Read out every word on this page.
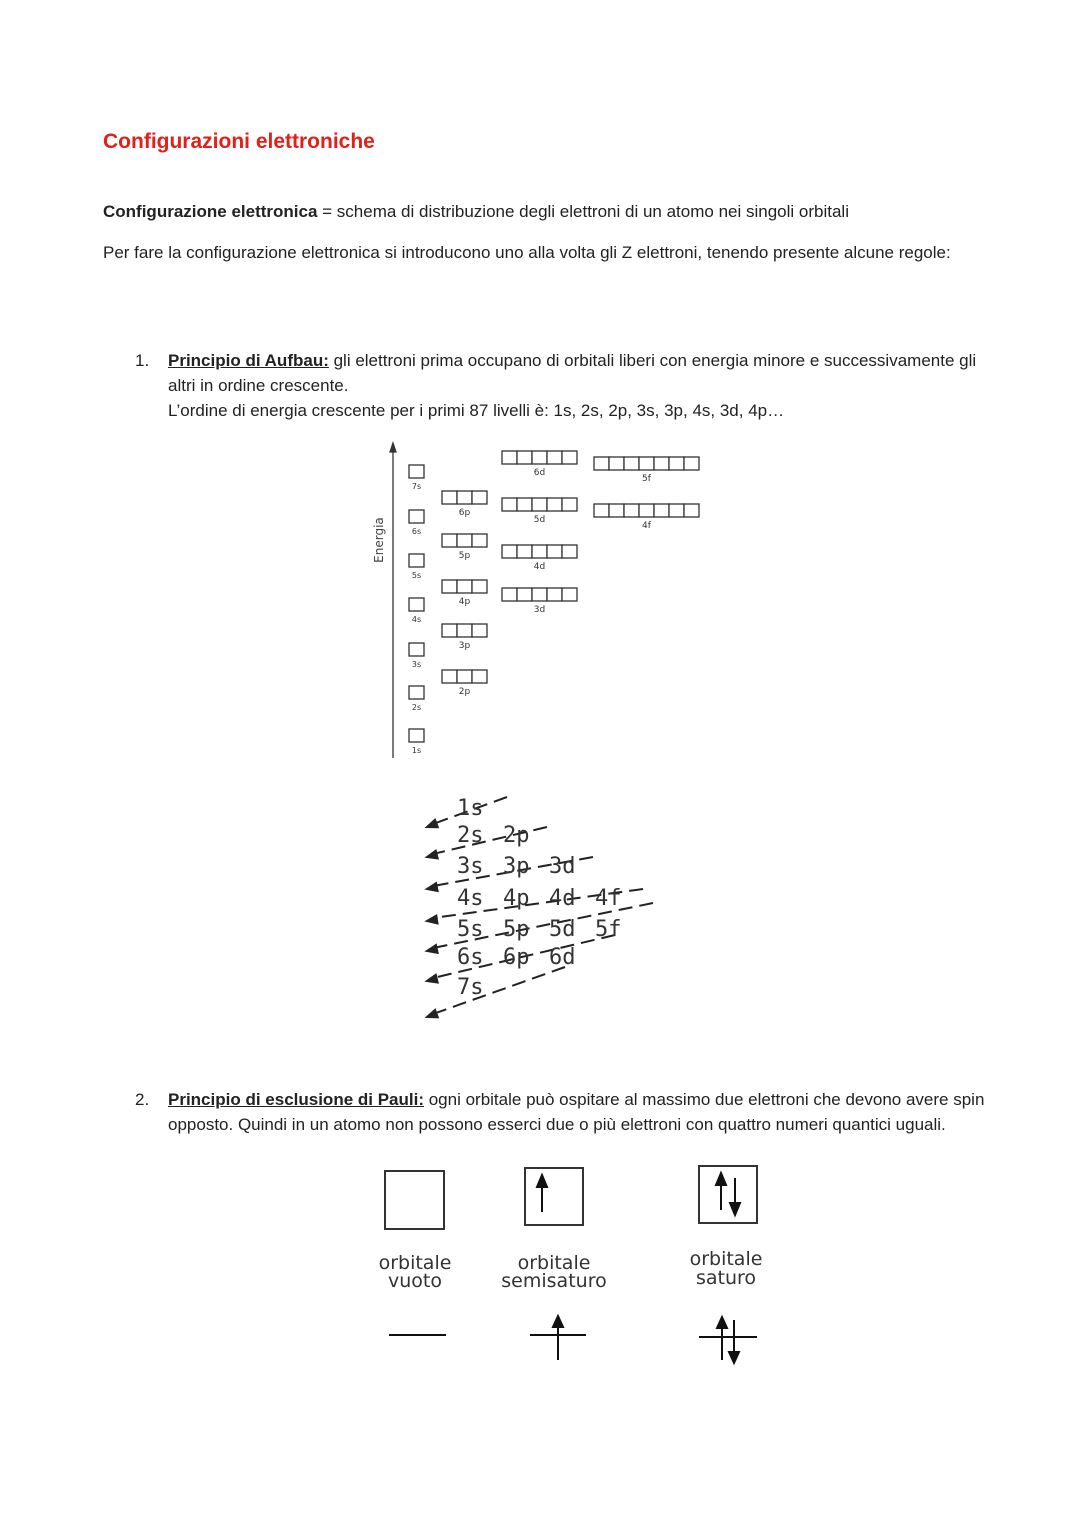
Configurazioni elettroniche
Configurazione elettronica = schema di distribuzione degli elettroni di un atomo nei singoli orbitali
Per fare la configurazione elettronica si introducono uno alla volta gli Z elettroni, tenendo presente alcune regole:
1. Principio di Aufbau: gli elettroni prima occupano di orbitali liberi con energia minore e successivamente gli altri in ordine crescente.
L’ordine di energia crescente per i primi 87 livelli è: 1s, 2s, 2p, 3s, 3p, 4s, 3d, 4p…
Energia
7s
6s
5s
4s
3s
2s
1s
6p
5p
4p
3p
2p
6d
5d
4d
3d
5f
4f
1s
2s 2p
3s 3p 3d
4s 4p 4d 4f
5s 5p 5d 5f
6s 6p 6d
7s
2. Principio di esclusione di Pauli: ogni orbitale può ospitare al massimo due elettroni che devono avere spin opposto. Quindi in un atomo non possono esserci due o più elettroni con quattro numeri quantici uguali.
orbitale
vuoto
orbitale
semisaturo
orbitale
saturo
